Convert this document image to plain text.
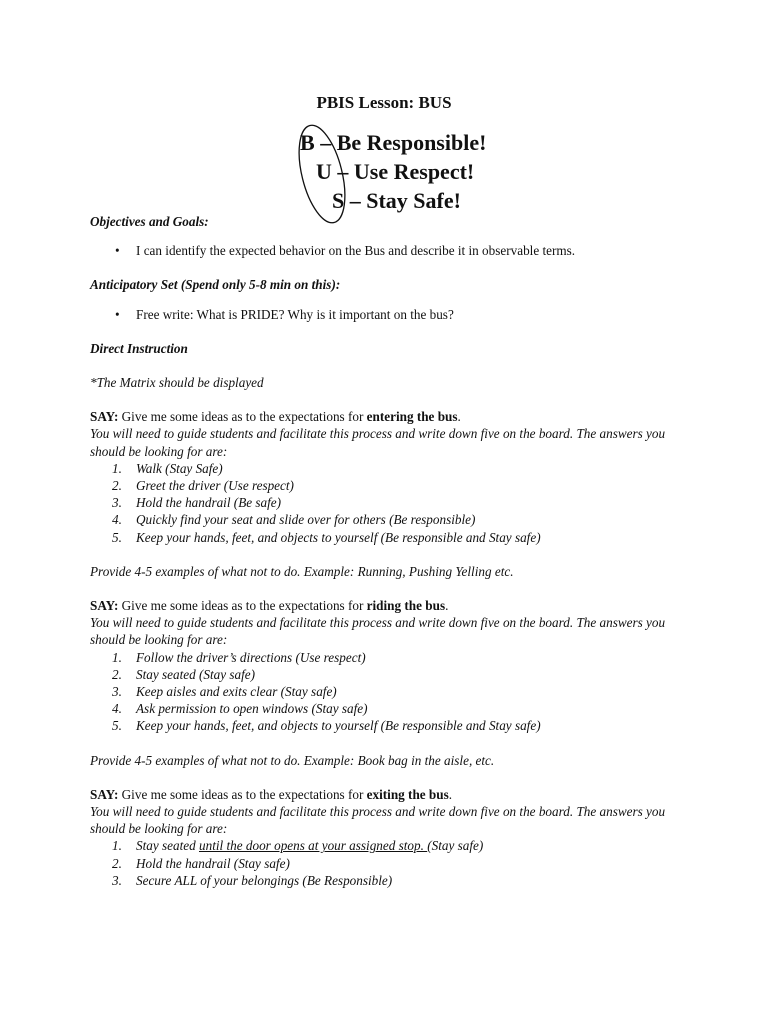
PBIS Lesson: BUS
B – Be Responsible!
U – Use Respect!
S – Stay Safe!

Objectives and Goals:

• I can identify the expected behavior on the Bus and describe it in observable terms.

Anticipatory Set (Spend only 5-8 min on this):

• Free write: What is PRIDE? Why is it important on the bus?

Direct Instruction

*The Matrix should be displayed

SAY: Give me some ideas as to the expectations for entering the bus.

You will need to guide students and facilitate this process and write down five on the board. The answers you should be looking for are:

1. Walk (Stay Safe)
2. Greet the driver (Use respect)
3. Hold the handrail (Be safe)
4. Quickly find your seat and slide over for others (Be responsible)
5. Keep your hands, feet, and objects to yourself (Be responsible and Stay safe)

Provide 4-5 examples of what not to do. Example: Running, Pushing Yelling etc.

SAY: Give me some ideas as to the expectations for riding the bus.

You will need to guide students and facilitate this process and write down five on the board. The answers you should be looking for are:

1. Follow the driver’s directions (Use respect)
2. Stay seated (Stay safe)
3. Keep aisles and exits clear (Stay safe)
4. Ask permission to open windows (Stay safe)
5. Keep your hands, feet, and objects to yourself (Be responsible and Stay safe)

Provide 4-5 examples of what not to do. Example: Book bag in the aisle, etc.

SAY: Give me some ideas as to the expectations for exiting the bus.

You will need to guide students and facilitate this process and write down five on the board. The answers you should be looking for are:

1. Stay seated until the door opens at your assigned stop. (Stay safe)
2. Hold the handrail (Stay safe)
3. Secure ALL of your belongings (Be Responsible)
